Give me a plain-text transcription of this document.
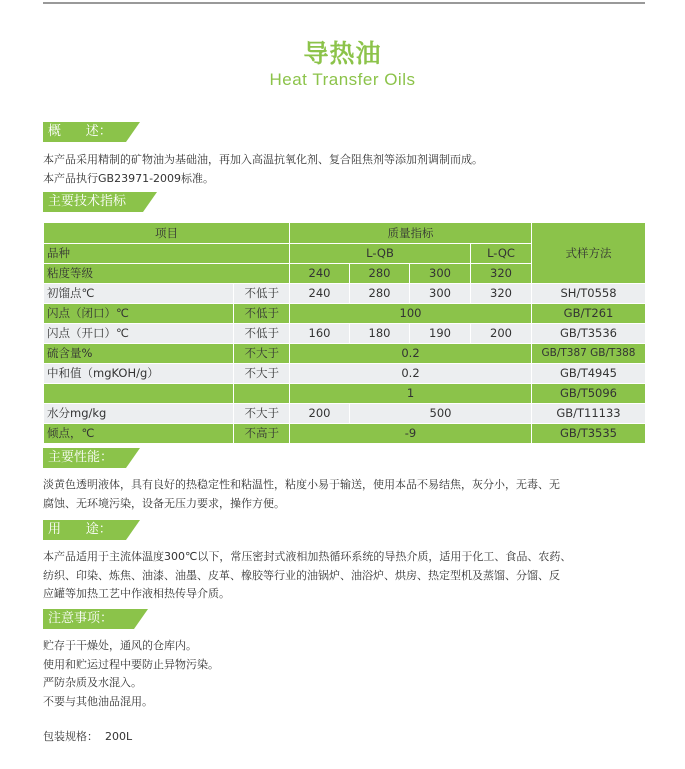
导热油
Heat Transfer Oils
概      述：
本产品采用精制的矿物油为基础油，再加入高温抗氧化剂、复合阻焦剂等添加剂调制而成。
本产品执行GB23971-2009标准。
主要技术指标
项目		质量指标				式样方法
品种		L-QB			L-QC	
粘度等级		240	280	300	320	
初馏点℃	不低于	240	280	300	320	SH/T0558
闪点（闭口）℃	不低于	100				GB/T261
闪点（开口）℃	不低于	160	180	190	200	GB/T3536
硫含量%	不大于	0.2				GB/T387 GB/T388
中和值（mgKOH/g）	不大于	0.2				GB/T4945
		1				GB/T5096
水分mg/kg	不大于	200	500			GB/T11133
倾点，℃	不高于	-9				GB/T3535
主要性能：
淡黄色透明液体，具有良好的热稳定性和粘温性，粘度小易于输送，使用本品不易结焦，灰分小，无毒、无
腐蚀、无环境污染，设备无压力要求，操作方便。
用      途：
本产品适用于主流体温度300℃以下，常压密封式液相加热循环系统的导热介质，适用于化工、食品、农药、
纺织、印染、炼焦、油漆、油墨、皮革、橡胶等行业的油锅炉、油浴炉、烘房、热定型机及蒸馏、分馏、反
应罐等加热工艺中作液相热传导介质。
注意事项：
贮存于干燥处，通风的仓库内。
使用和贮运过程中要防止异物污染。
严防杂质及水混入。
不要与其他油品混用。
包装规格：  200L
